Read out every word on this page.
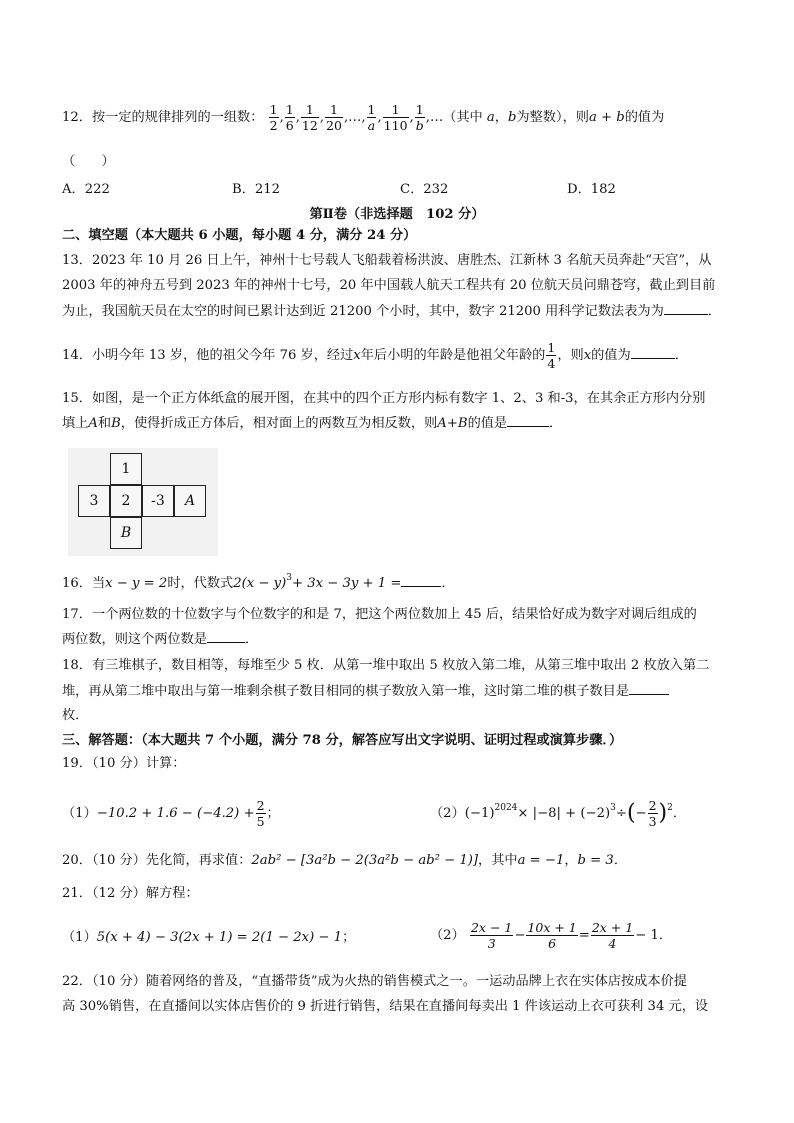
12．按一定的规律排列的一组数： $\frac{1}{2}$ , $\frac{1}{6}$ , $\frac{1}{12}$ , $\frac{1}{20}$ ,…, $\frac{1}{a}$ , $\frac{1}{110}$ , $\frac{1}{b}$ ,…（其中 a，b为整数），则a + b的值为
（　　）
A．222	B．212	C．232	D．182
第Ⅱ卷（非选择题　102 分）
二、填空题（本大题共 6 小题，每小题 4 分，满分 24 分）
13．2023 年 10 月 26 日上午，神州十七号载人飞船载着杨洪波、唐胜杰、江新林 3 名航天员奔赴“天宫”，从
2003 年的神舟五号到 2023 年的神州十七号，20 年中国载人航天工程共有 20 位航天员问鼎苍穹，截止到目前
为止，我国航天员在太空的时间已累计达到近 21200 个小时，其中，数字 21200 用科学记数法表为为	．
14．小明今年 13 岁，他的祖父今年 76 岁，经过x年后小明的年龄是他祖父年龄的 $\frac{1}{4}$ ，则x的值为	．
15．如图，是一个正方体纸盒的展开图，在其中的四个正方形内标有数字 1、2、3 和-3，在其余正方形内分别
填上A和B，使得折成正方体后，相对面上的两数互为相反数，则A+B的值是	．
1
3	2	-3	A
B
16．当x − y = 2时，代数式$2(x - y)^3+ 3x - 3y + 1$ =	．
17．一个两位数的十位数字与个位数字的和是 7，把这个两位数加上 45 后，结果恰好成为数字对调后组成的
两位数，则这个两位数是	．
18．有三堆棋子，数目相等，每堆至少 5 枚．从第一堆中取出 5 枚放入第二堆，从第三堆中取出 2 枚放入第二
堆，再从第二堆中取出与第一堆剩余棋子数目相同的棋子数放入第一堆，这时第二堆的棋子数目是
枚．
三、解答题：（本大题共 7 个小题，满分 78 分，解答应写出文字说明、证明过程或演算步骤．）
19．（10 分）计算：
$(1)-10.2 + 1.6 - (-4.2) + \frac{2}{5}$ ；	$(2)(-1)^{2024}\times |-8| + (-2)^3\div(- \frac{2}{3} )^2$．
20．（10 分）先化简，再求值：2ab² − [3a²b − 2(3a²b − ab² − 1)]，其中a = −1，b = 3．
21．（12 分）解方程：
（1）5(x + 4) − 3(2x + 1) = 2(1 − 2x) − 1；	$(2) \frac{2x - 1}{3} - \frac{10x + 1}{6} = \frac{2x + 1}{4} - 1$．
22．（10 分）随着网络的普及，“直播带货”成为火热的销售模式之一。一运动品牌上衣在实体店按成本价提
高 30%销售，在直播间以实体店售价的 9 折进行销售，结果在直播间每卖出 1 件该运动上衣可获利 34 元，设
